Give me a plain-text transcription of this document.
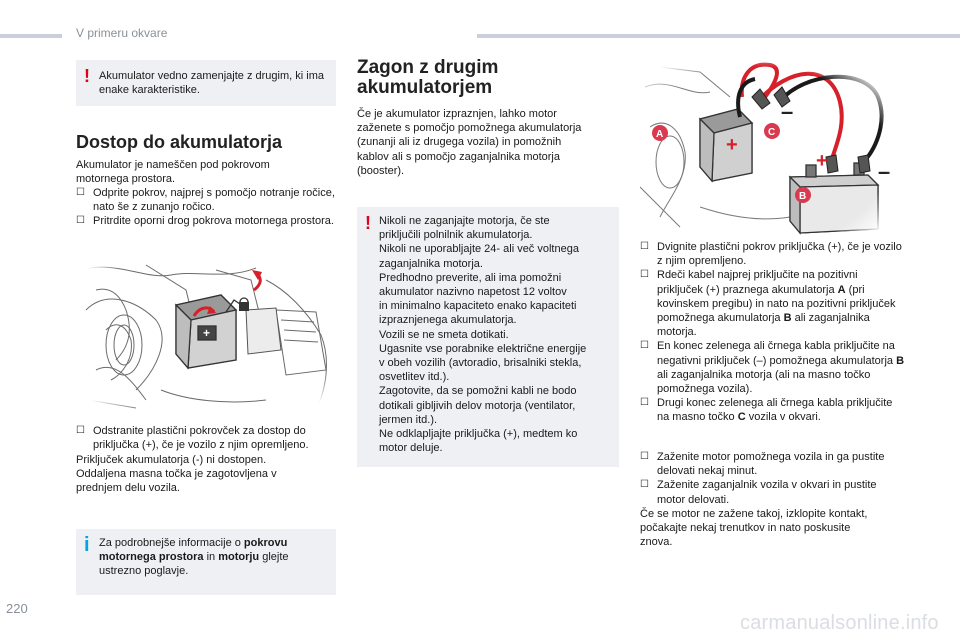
V primeru okvare
! Akumulator vedno zamenjajte z drugim, ki ima enake karakteristike.

Dostop do akumulatorja
Akumulator je nameščen pod pokrovom
motornega prostora.
☐ Odprite pokrov, najprej s pomočjo notranje ročice, nato še z zunanjo ročico.
☐ Pritrdite oporni drog pokrova motornega prostora.
☐ Odstranite plastični pokrovček za dostop do priključka (+), če je vozilo z njim opremljeno.
Priključek akumulatorja (-) ni dostopen.
Oddaljena masna točka je zagotovljena v
prednjem delu vozila.
i Za podrobnejše informacije o pokrovu motornega prostora in motorju glejte ustrezno poglavje.

Zagon z drugim
akumulatorjem
Če je akumulator izpraznjen, lahko motor
zaženete s pomočjo pomožnega akumulatorja
(zunanji ali iz drugega vozila) in pomožnih
kablov ali s pomočjo zaganjalnika motorja
(booster).
! Nikoli ne zaganjajte motorja, če ste
priključili polnilnik akumulatorja.
Nikoli ne uporabljajte 24- ali več voltnega
zaganjalnika motorja.
Predhodno preverite, ali ima pomožni
akumulator nazivno napetost 12 voltov
in minimalno kapaciteto enako kapaciteti
izpraznjenega akumulatorja.
Vozili se ne smeta dotikati.
Ugasnite vse porabnike električne energije
v obeh vozilih (avtoradio, brisalniki stekla,
osvetlitev itd.).
Zagotovite, da se pomožni kabli ne bodo
dotikali gibljivih delov motorja (ventilator,
jermen itd.).
Ne odklapljajte priključka (+), medtem ko
motor deluje.

☐ Dvignite plastični pokrov priključka (+), če je vozilo z njim opremljeno.
☐ Rdeči kabel najprej priključite na pozitivni priključek (+) praznega akumulatorja A (pri kovinskem pregibu) in nato na pozitivni priključek pomožnega akumulatorja B ali zaganjalnika motorja.
☐ En konec zelenega ali črnega kabla priključite na negativni priključek (–) pomožnega akumulatorja B ali zaganjalnika motorja (ali na masno točko pomožnega vozila).
☐ Drugi konec zelenega ali črnega kabla priključite na masno točko C vozila v okvari.
☐ Zaženite motor pomožnega vozila in ga pustite delovati nekaj minut.
☐ Zaženite zaganjalnik vozila v okvari in pustite motor delovati.
Če se motor ne zažene takoj, izklopite kontakt,
počakajte nekaj trenutkov in nato poskusite
znova.
220
carmanualsonline.info
